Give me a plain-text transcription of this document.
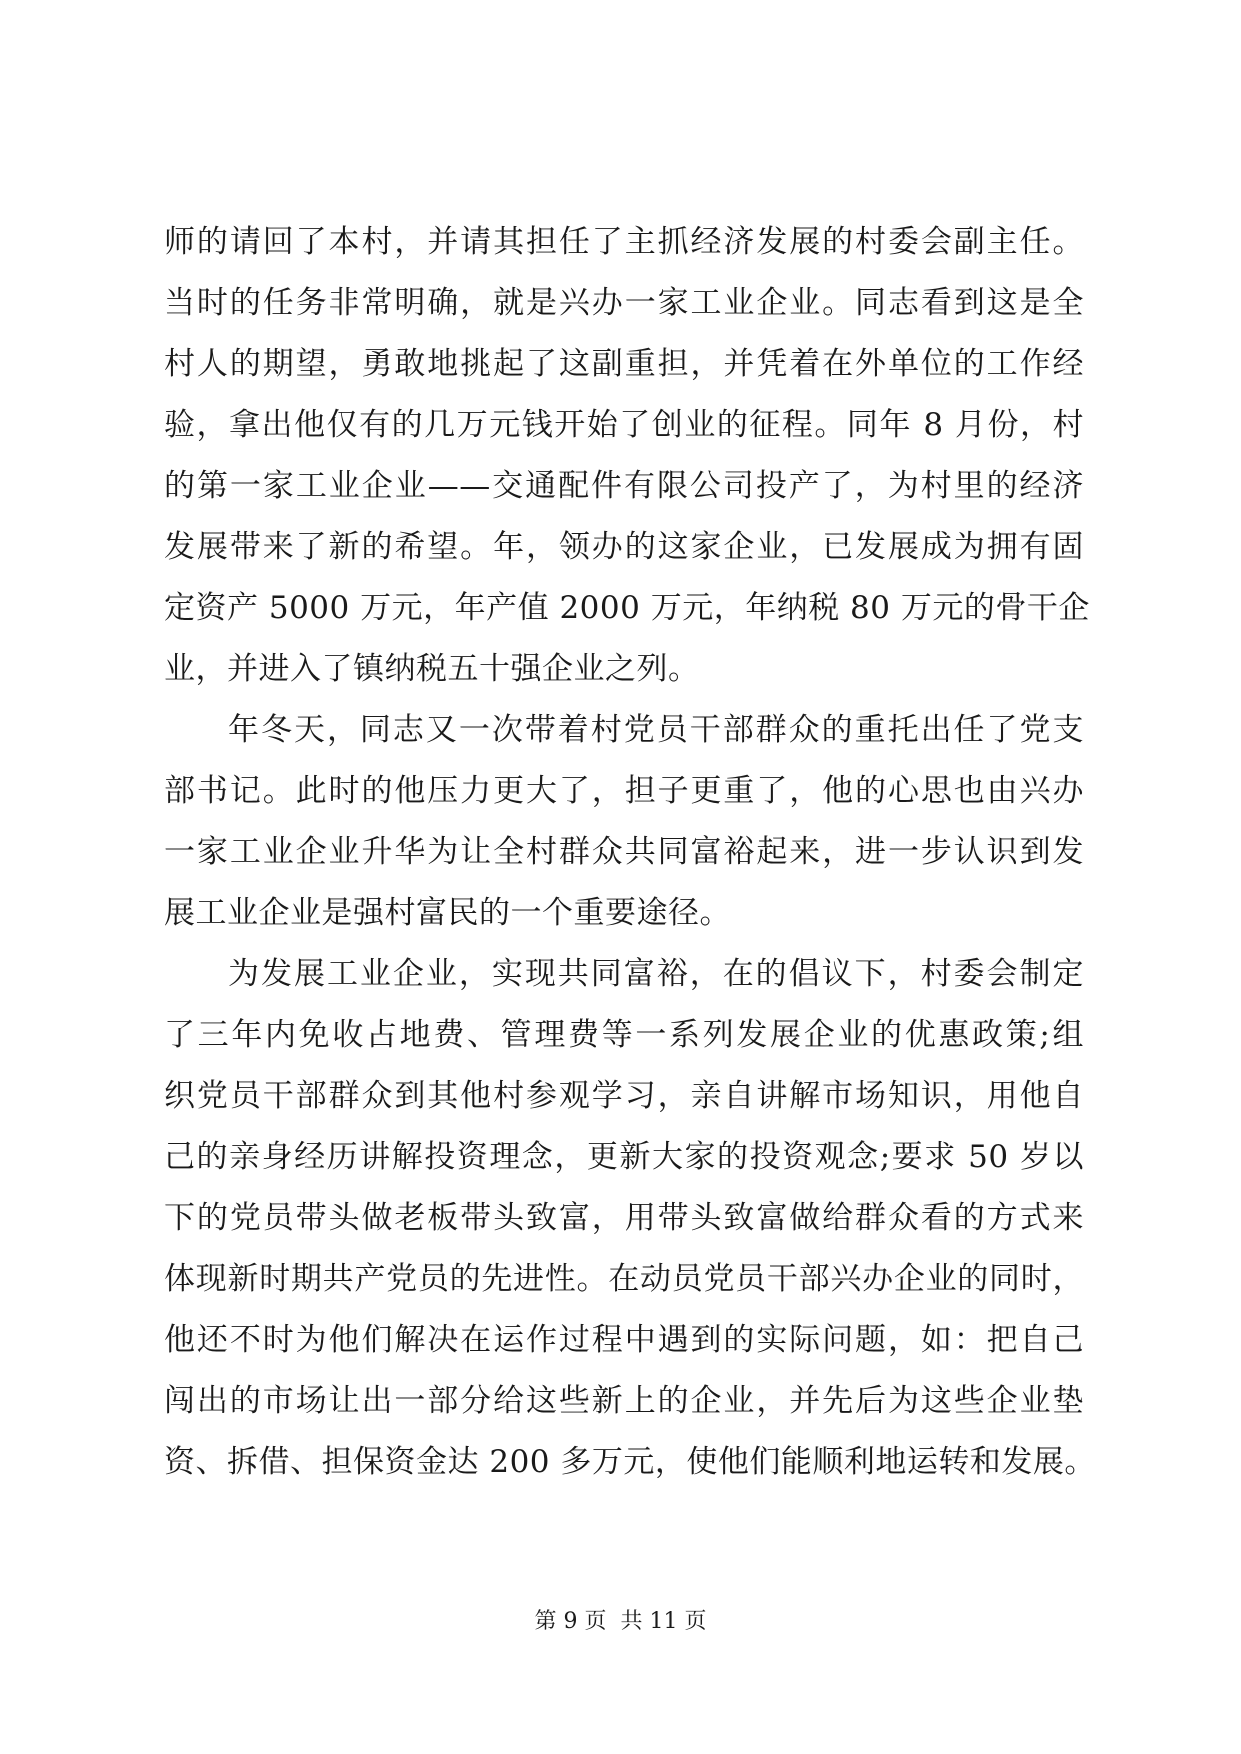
师的请回了本村，并请其担任了主抓经济发展的村委会副主任。
当时的任务非常明确，就是兴办一家工业企业。同志看到这是全
村人的期望，勇敢地挑起了这副重担，并凭着在外单位的工作经
验，拿出他仅有的几万元钱开始了创业的征程。同年 8 月份，村
的第一家工业企业——交通配件有限公司投产了，为村里的经济
发展带来了新的希望。年，领办的这家企业，已发展成为拥有固
定资产 5000 万元，年产值 2000 万元，年纳税 80 万元的骨干企
业，并进入了镇纳税五十强企业之列。
年冬天，同志又一次带着村党员干部群众的重托出任了党支
部书记。此时的他压力更大了，担子更重了，他的心思也由兴办
一家工业企业升华为让全村群众共同富裕起来，进一步认识到发
展工业企业是强村富民的一个重要途径。
为发展工业企业，实现共同富裕，在的倡议下，村委会制定
了三年内免收占地费、管理费等一系列发展企业的优惠政策;组
织党员干部群众到其他村参观学习，亲自讲解市场知识，用他自
己的亲身经历讲解投资理念，更新大家的投资观念;要求 50 岁以
下的党员带头做老板带头致富，用带头致富做给群众看的方式来
体现新时期共产党员的先进性。在动员党员干部兴办企业的同时，
他还不时为他们解决在运作过程中遇到的实际问题，如：把自己
闯出的市场让出一部分给这些新上的企业，并先后为这些企业垫
资、拆借、担保资金达 200 多万元，使他们能顺利地运转和发展。
第 9 页 共 11 页
